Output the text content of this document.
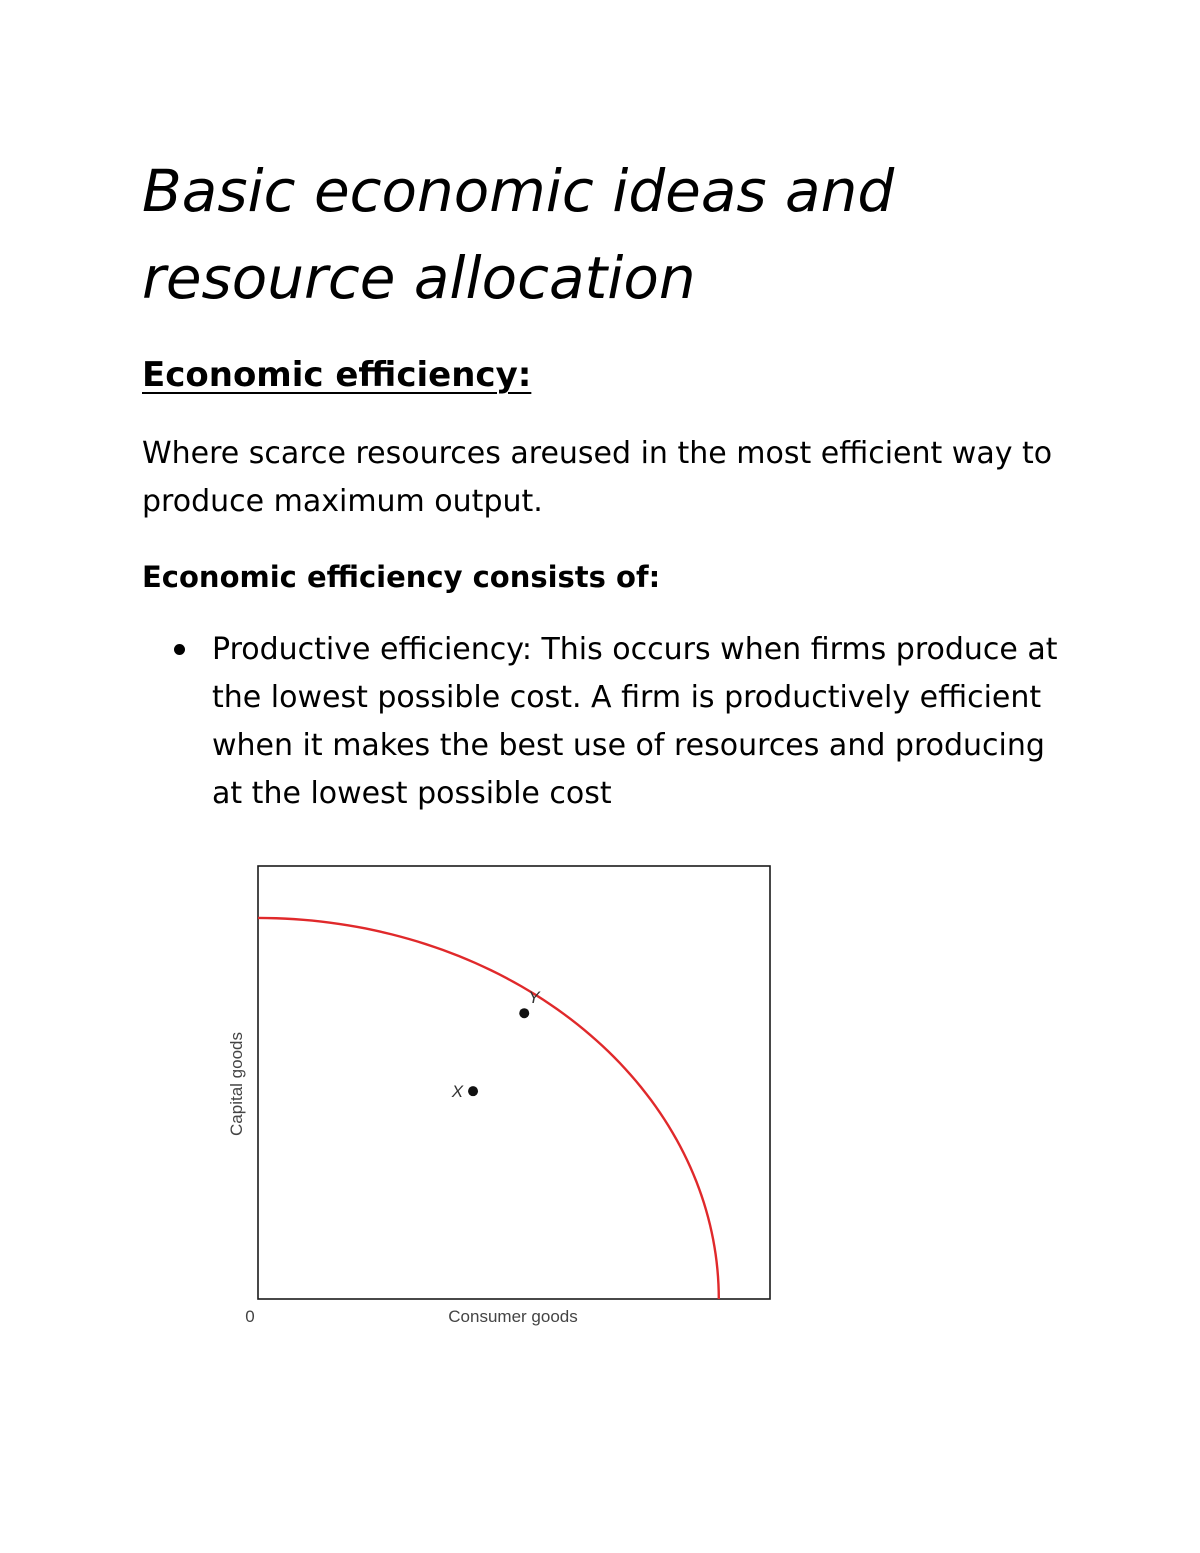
Basic economic ideas and resource allocation
Economic efficiency:

Where scarce resources areused in the most efficient way to produce maximum output.

Economic efficiency consists of:
Productive efficiency: This occurs when firms produce at the lowest possible cost. A firm is productively efficient when it makes the best use of resources and producing at the lowest possible cost
X
Y
Capital goods
Consumer goods
0
